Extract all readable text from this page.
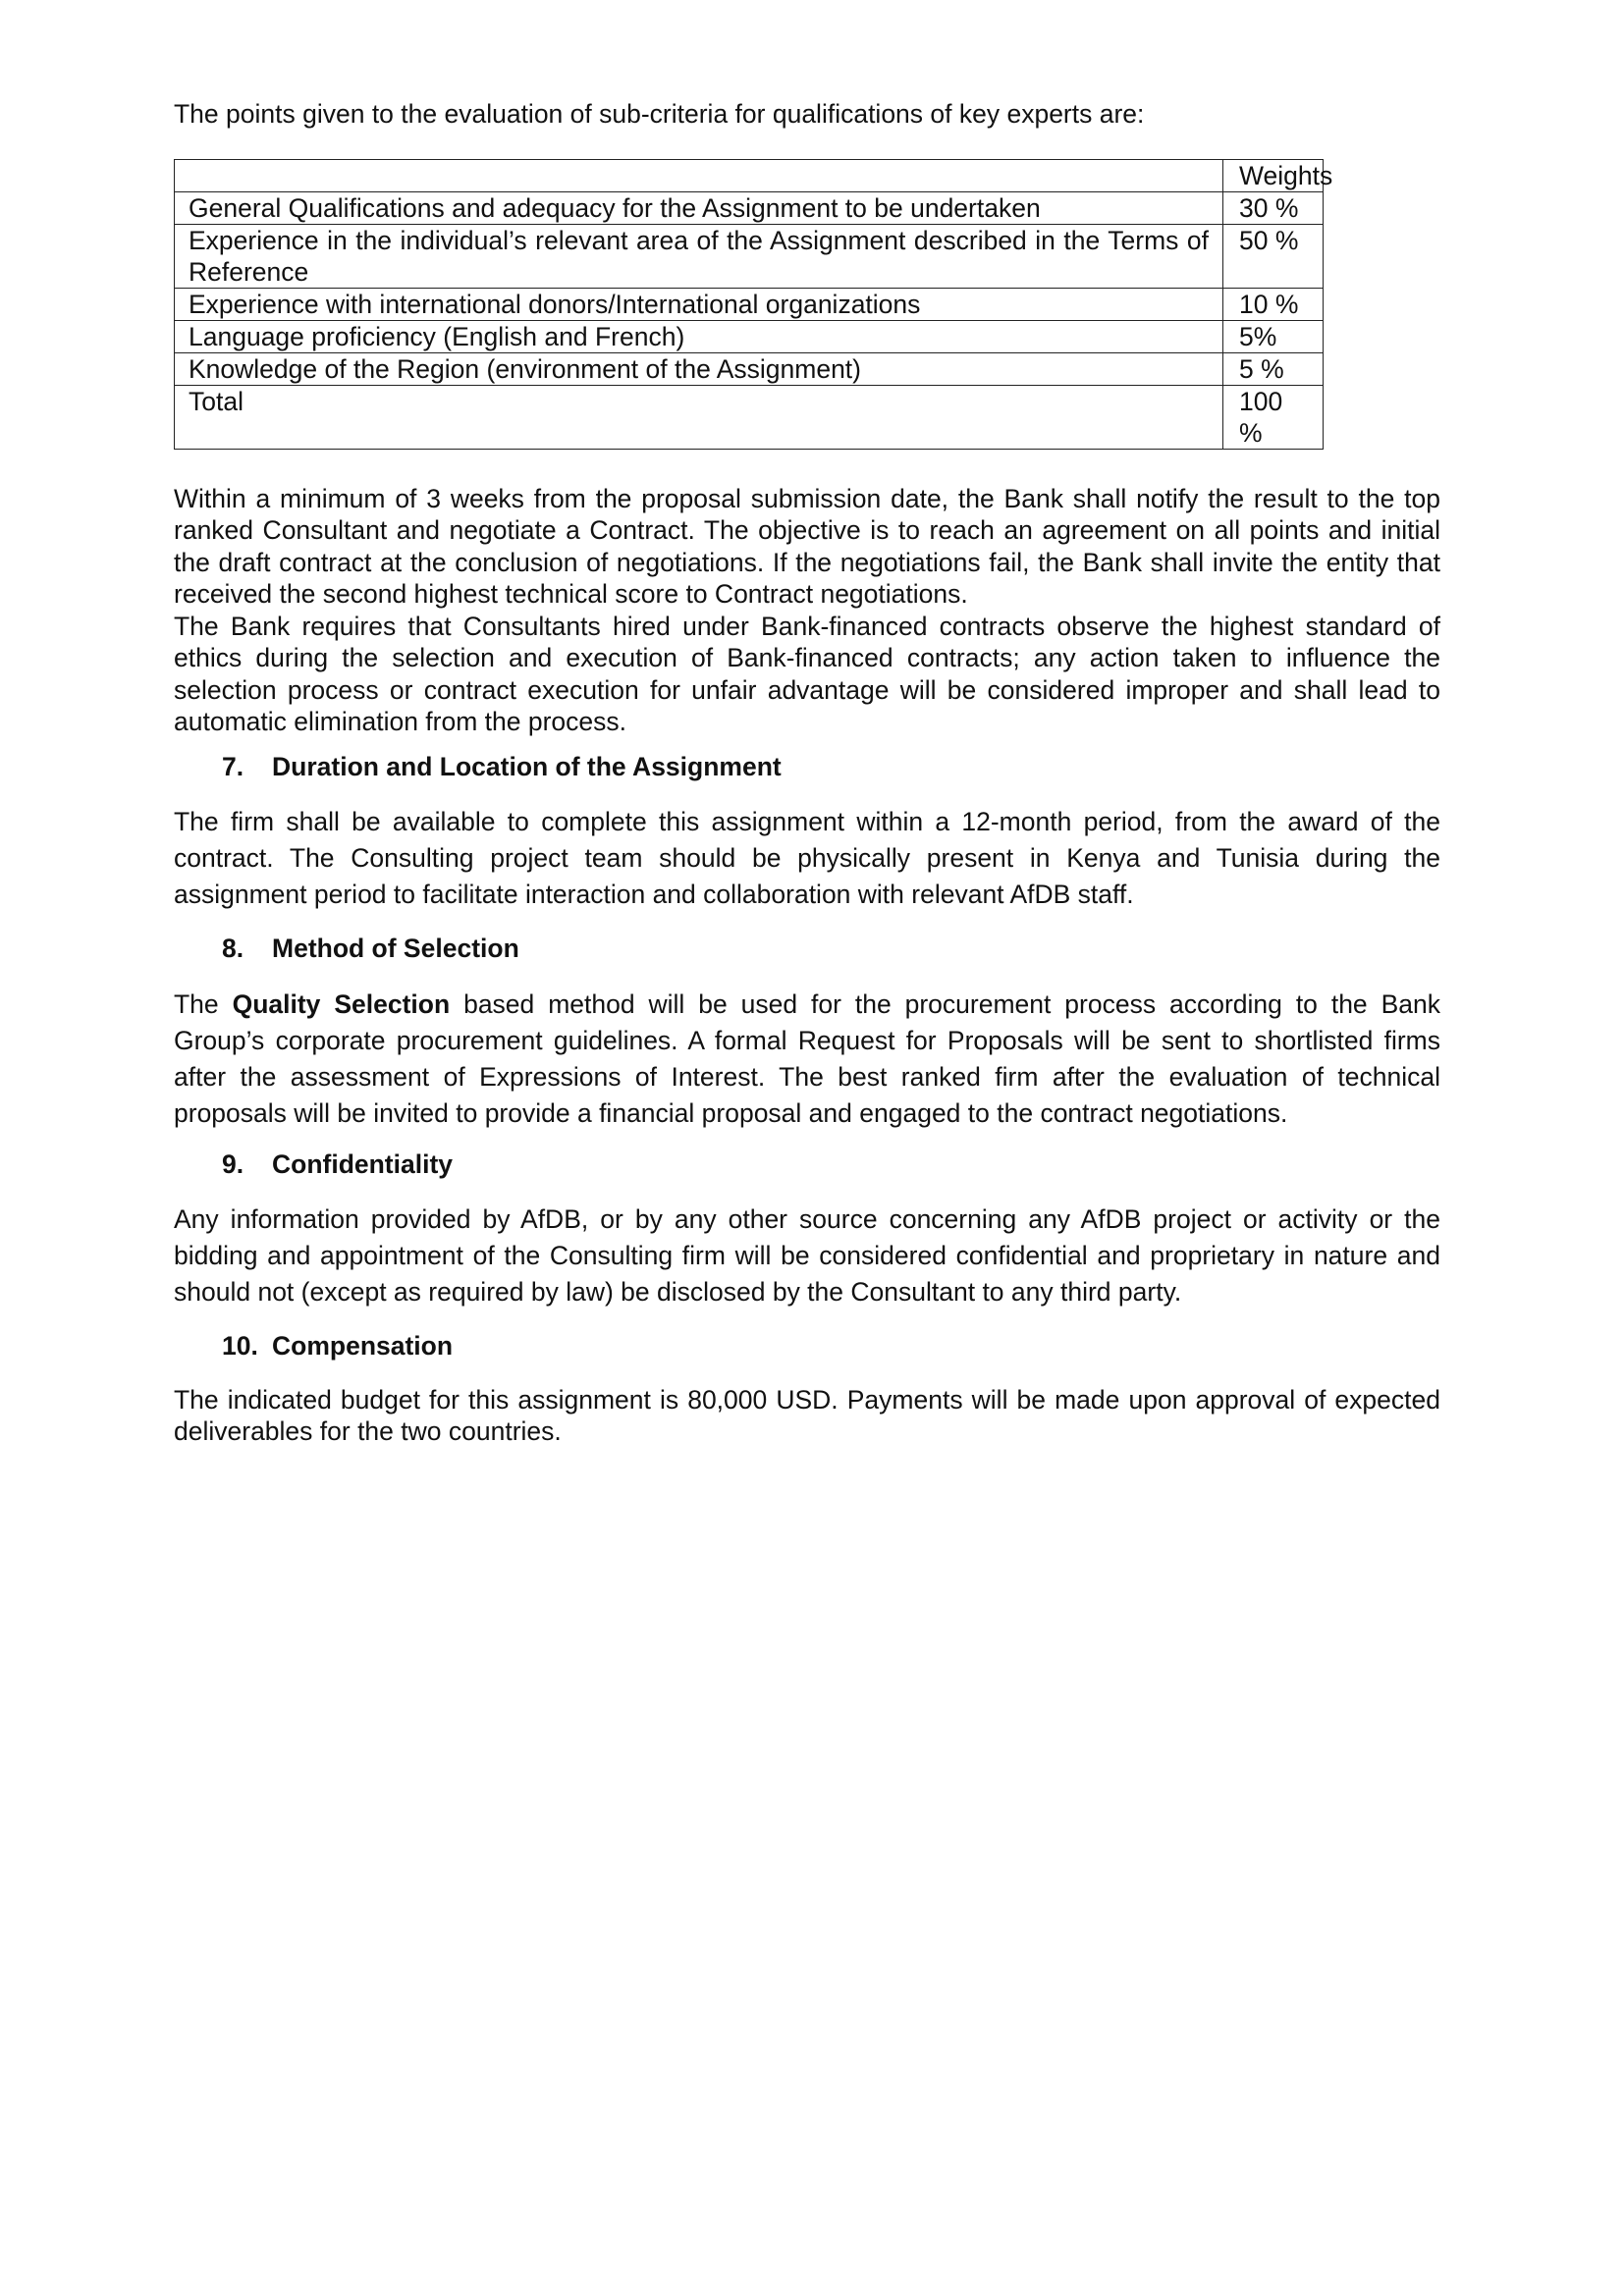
The points given to the evaluation of sub-criteria for qualifications of key experts are:

	Weights
General Qualifications and adequacy for the Assignment to be undertaken	30 %
Experience in the individual’s relevant area of the Assignment described in the Terms of Reference	50 %
Experience with international donors/International organizations	10 %
Language proficiency (English and French)	5%
Knowledge of the Region (environment of the Assignment)	5 %
Total	100 %

Within a minimum of 3 weeks from the proposal submission date, the Bank shall notify the result to the top ranked Consultant and negotiate a Contract. The objective is to reach an agreement on all points and initial the draft contract at the conclusion of negotiations. If the negotiations fail, the Bank shall invite the entity that received the second highest technical score to Contract negotiations.

The Bank requires that Consultants hired under Bank-financed contracts observe the highest standard of ethics during the selection and execution of Bank-financed contracts; any action taken to influence the selection process or contract execution for unfair advantage will be considered improper and shall lead to automatic elimination from the process.

7. Duration and Location of the Assignment

The firm shall be available to complete this assignment within a 12-month period, from the award of the contract. The Consulting project team should be physically present in Kenya and Tunisia during the assignment period to facilitate interaction and collaboration with relevant AfDB staff.

8. Method of Selection

The Quality Selection based method will be used for the procurement process according to the Bank Group’s corporate procurement guidelines. A formal Request for Proposals will be sent to shortlisted firms after the assessment of Expressions of Interest. The best ranked firm after the evaluation of technical proposals will be invited to provide a financial proposal and engaged to the contract negotiations.

9. Confidentiality

Any information provided by AfDB, or by any other source concerning any AfDB project or activity or the bidding and appointment of the Consulting firm will be considered confidential and proprietary in nature and should not (except as required by law) be disclosed by the Consultant to any third party.

10. Compensation

The indicated budget for this assignment is 80,000 USD. Payments will be made upon approval of expected deliverables for the two countries.
